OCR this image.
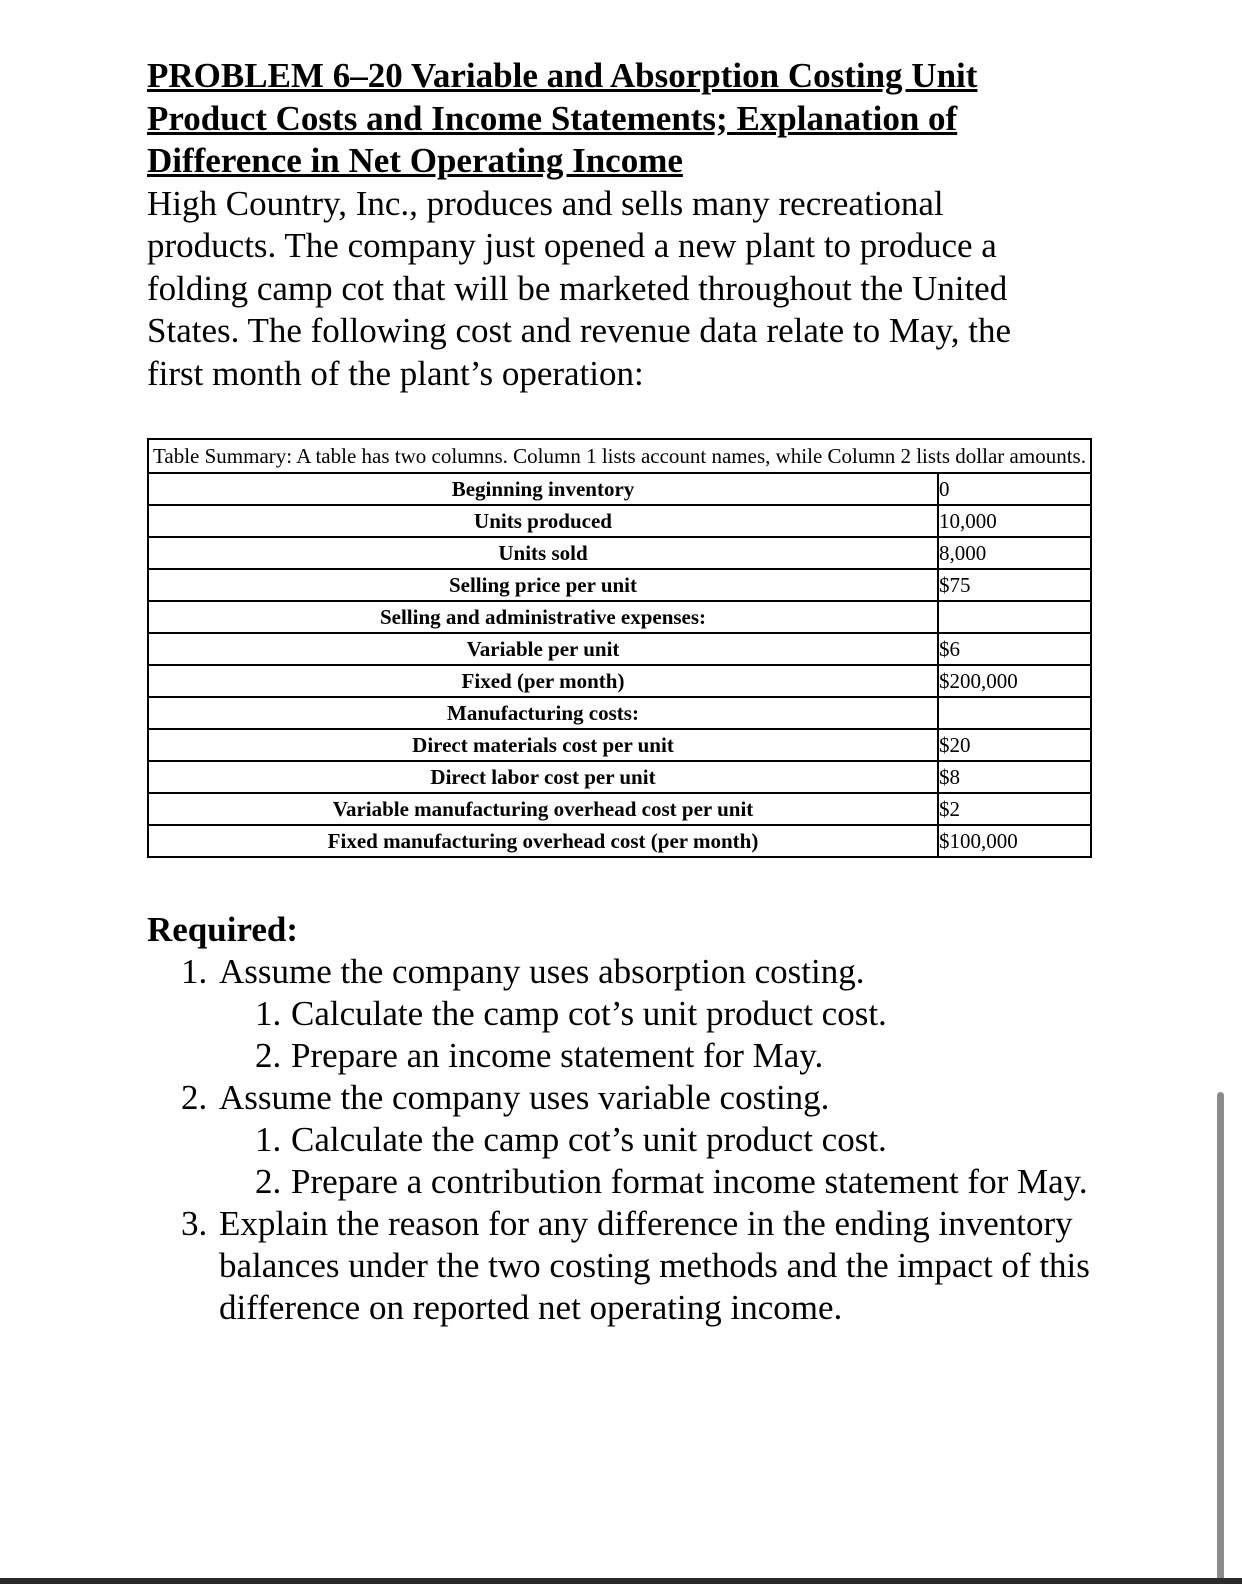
PROBLEM 6–20 Variable and Absorption Costing Unit Product Costs and Income Statements; Explanation of Difference in Net Operating Income

High Country, Inc., produces and sells many recreational products. The company just opened a new plant to produce a folding camp cot that will be marketed throughout the United States. The following cost and revenue data relate to May, the first month of the plant’s operation:

Table Summary: A table has two columns. Column 1 lists account names, while Column 2 lists dollar amounts.
Beginning inventory	0
Units produced	10,000
Units sold	8,000
Selling price per unit	$75
Selling and administrative expenses:	
Variable per unit	$6
Fixed (per month)	$200,000
Manufacturing costs:	
Direct materials cost per unit	$20
Direct labor cost per unit	$8
Variable manufacturing overhead cost per unit	$2
Fixed manufacturing overhead cost (per month)	$100,000

Required:

1. Assume the company uses absorption costing.
1. Calculate the camp cot’s unit product cost.
2. Prepare an income statement for May.
2. Assume the company uses variable costing.
1. Calculate the camp cot’s unit product cost.
2. Prepare a contribution format income statement for May.
3. Explain the reason for any difference in the ending inventory balances under the two costing methods and the impact of this difference on reported net operating income.
